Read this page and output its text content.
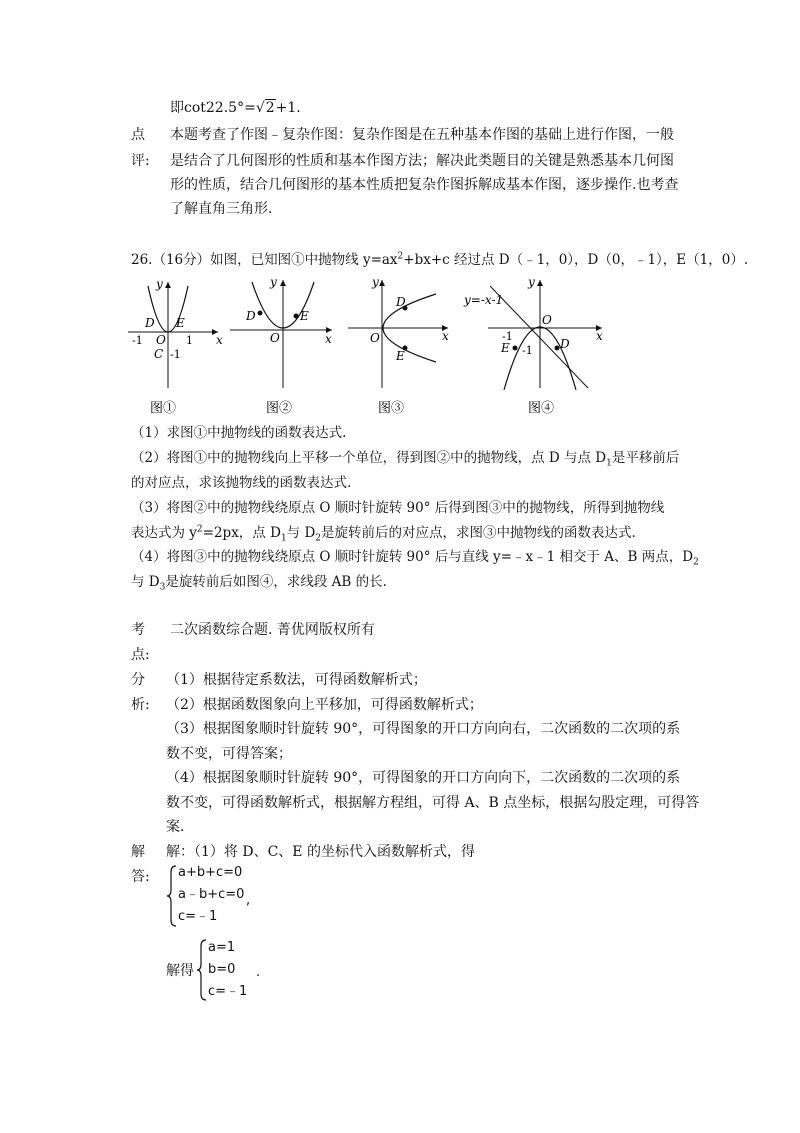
即cot22.5°=√2+1.
点
评:
本题考查了作图﹣复杂作图：复杂作图是在五种基本作图的基础上进行作图，一般
是结合了几何图形的性质和基本作图方法；解决此类题目的关键是熟悉基本几何图
形的性质，结合几何图形的基本性质把复杂作图拆解成基本作图，逐步操作.也考查
了解直角三角形.
26.（16分）如图，已知图①中抛物线 $y=ax^2+bx+c$ 经过点 D（﹣1，0），D（0，﹣1），E（1，0）.
y
x
D E
O
-1	1
C -1
图①
y
x
D	E
O
图②
y
x
D
E
O
图③
y=-x-1
y
x
O
-1
E -1 D
图④
（1）求图①中抛物线的函数表达式.
（2）将图①中的抛物线向上平移一个单位，得到图②中的抛物线，点 D 与点 $D_1$是平移前后
的对应点，求该抛物线的函数表达式.
（3）将图②中的抛物线绕原点 O 顺时针旋转 90° 后得到图③中的抛物线，所得到抛物线
表达式为 $y^2=2px$，点 $D_1$与 $D_2$是旋转前后的对应点，求图③中抛物线的函数表达式.
（4）将图③中的抛物线绕原点 O 顺时针旋转 90° 后与直线 y=﹣x﹣1 相交于 A、B 两点，$D_2$
与 $D_3$是旋转前后如图④，求线段 AB 的长.
考
点:
二次函数综合题. 菁优网版权所有
分
析:
（1）根据待定系数法，可得函数解析式；
（2）根据函数图象向上平移加，可得函数解析式；
（3）根据图象顺时针旋转 90°，可得图象的开口方向向右，二次函数的二次项的系
数不变，可得答案；
（4）根据图象顺时针旋转 90°，可得图象的开口方向向下，二次函数的二次项的系
数不变，可得函数解析式，根据解方程组，可得 A、B 点坐标，根据勾股定理，可得答
案.
解
答:
解：（1）将 D、C、E 的坐标代入函数解析式，得
a+b+c=0
a﹣b+c=0 ,
c=﹣1
解得
a=1
b=0 .
c=﹣1
